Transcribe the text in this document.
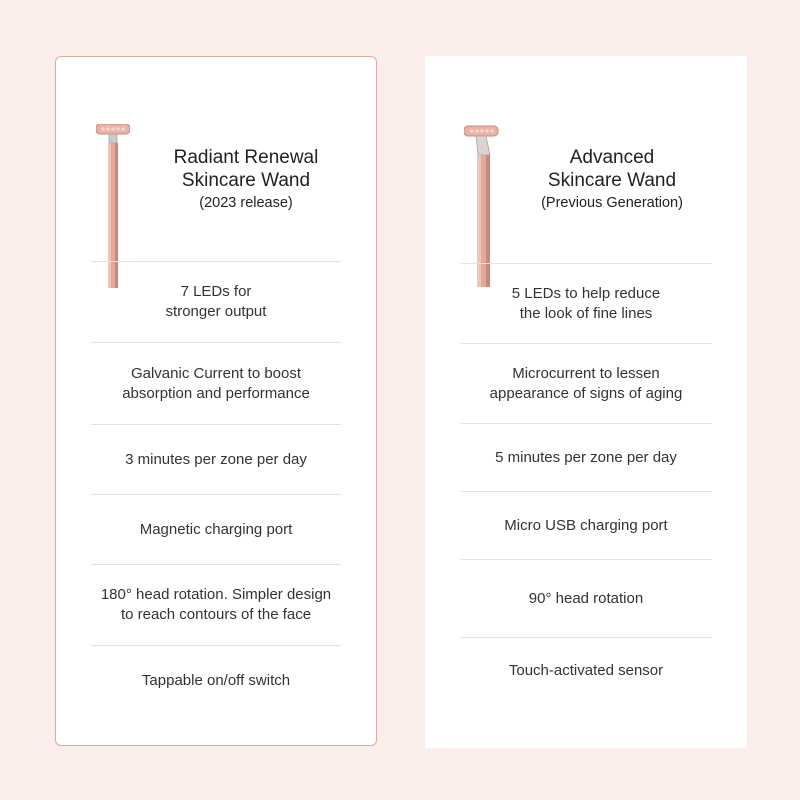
Radiant Renewal
Skincare Wand
(2023 release)
7 LEDs for
stronger output
Galvanic Current to boost
absorption and performance
3 minutes per zone per day
Magnetic charging port
180° head rotation. Simpler design
to reach contours of the face
Tappable on/off switch
Advanced
Skincare Wand
(Previous Generation)
5 LEDs to help reduce
the look of fine lines
Microcurrent to lessen
appearance of signs of aging
5 minutes per zone per day
Micro USB charging port
90° head rotation
Touch-activated sensor
